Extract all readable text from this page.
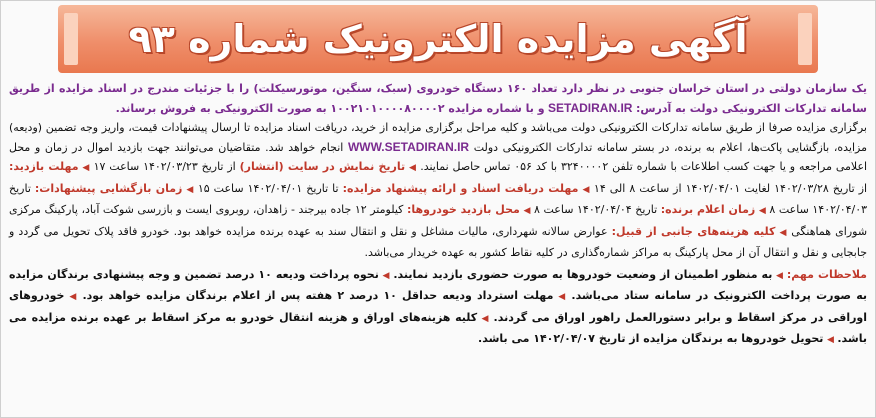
آگهی مزایده الکترونیک شماره ۹۳
یک سازمان دولتی در استان خراسان جنوبی در نظر دارد تعداد ۱۶۰ دستگاه خودروی (سبک، سنگین، موتورسیکلت) را با جزئیات مندرج در اسناد مزایده از طریق سامانه تدارکات الکترونیکی دولت به آدرس: SETADIRAN.IR و با شماره مزایده ۱۰۰۲۱۰۱۰۰۰۰۸۰۰۰۰۲ به صورت الکترونیکی به فروش برساند.
برگزاری مزایده صرفا از طریق سامانه تدارکات الکترونیکی دولت می‌باشد و کلیه مراحل برگزاری مزایده از خرید، دریافت اسناد مزایده تا ارسال پیشنهادات قیمت، واریز وجه تضمین (ودیعه) مزایده، بازگشایی پاکت‌ها، اعلام به برنده، در بستر سامانه تدارکات الکترونیکی دولت WWW.SETADIRAN.IR انجام خواهد شد. متقاضیان می‌توانند جهت بازدید اموال در زمان و محل اعلامی مراجعه و یا جهت کسب اطلاعات با شماره تلفن ۳۲۴۰۰۰۰۲ با کد ۰۵۶ تماس حاصل نمایند. ◀ تاریخ نمایش در سایت (انتشار) از تاریخ ۱۴۰۲/۰۳/۲۳ ساعت ۱۷ ◀ مهلت بازدید: از تاریخ ۱۴۰۲/۰۳/۲۸ لغایت ۱۴۰۲/۰۴/۰۱ از ساعت ۸ الی ۱۴ ◀ مهلت دریافت اسناد و ارائه پیشنهاد مزایده: تا تاریخ ۱۴۰۲/۰۴/۰۱ ساعت ۱۵ ◀ زمان بازگشایی پیشنهادات: تاریخ ۱۴۰۲/۰۴/۰۳ ساعت ۸ ◀ زمان اعلام برنده: تاریخ ۱۴۰۲/۰۴/۰۴ ساعت ۸ ◀ محل بازدید خودروها: کیلومتر ۱۲ جاده بیرجند - زاهدان، روبروی ایست و بازرسی شوکت آباد، پارکینگ مرکزی شورای هماهنگی ◀ کلیه هزینه‌های جانبی از قبیل: عوارض سالانه شهرداری، مالیات مشاغل و نقل و انتقال سند به عهده برنده مزایده خواهد بود. خودرو فاقد پلاک تحویل می گردد و جابجایی و نقل و انتقال آن از محل پارکینگ به مراکز شماره‌گذاری در کلیه نقاط کشور به عهده خریدار می‌باشد.
ملاحظات مهم: ◀ به منظور اطمینان از وضعیت خودروها به صورت حضوری بازدید نمایند. ◀ نحوه پرداخت ودیعه ۱۰ درصد تضمین و وجه پیشنهادی برندگان مزایده به صورت پرداخت الکترونیک در سامانه ستاد می‌باشد. ◀ مهلت استرداد ودیعه حداقل ۱۰ درصد ۲ هفته پس از اعلام برندگان مزایده خواهد بود. ◀ خودروهای اوراقی در مرکز اسقاط و برابر دستورالعمل راهور اوراق می گردند. ◀ کلیه هزینه‌های اوراق و هزینه انتقال خودرو به مرکز اسقاط بر عهده برنده مزایده می باشد. ◀ تحویل خودروها به برندگان مزایده از تاریخ ۱۴۰۲/۰۴/۰۷ می باشد.
